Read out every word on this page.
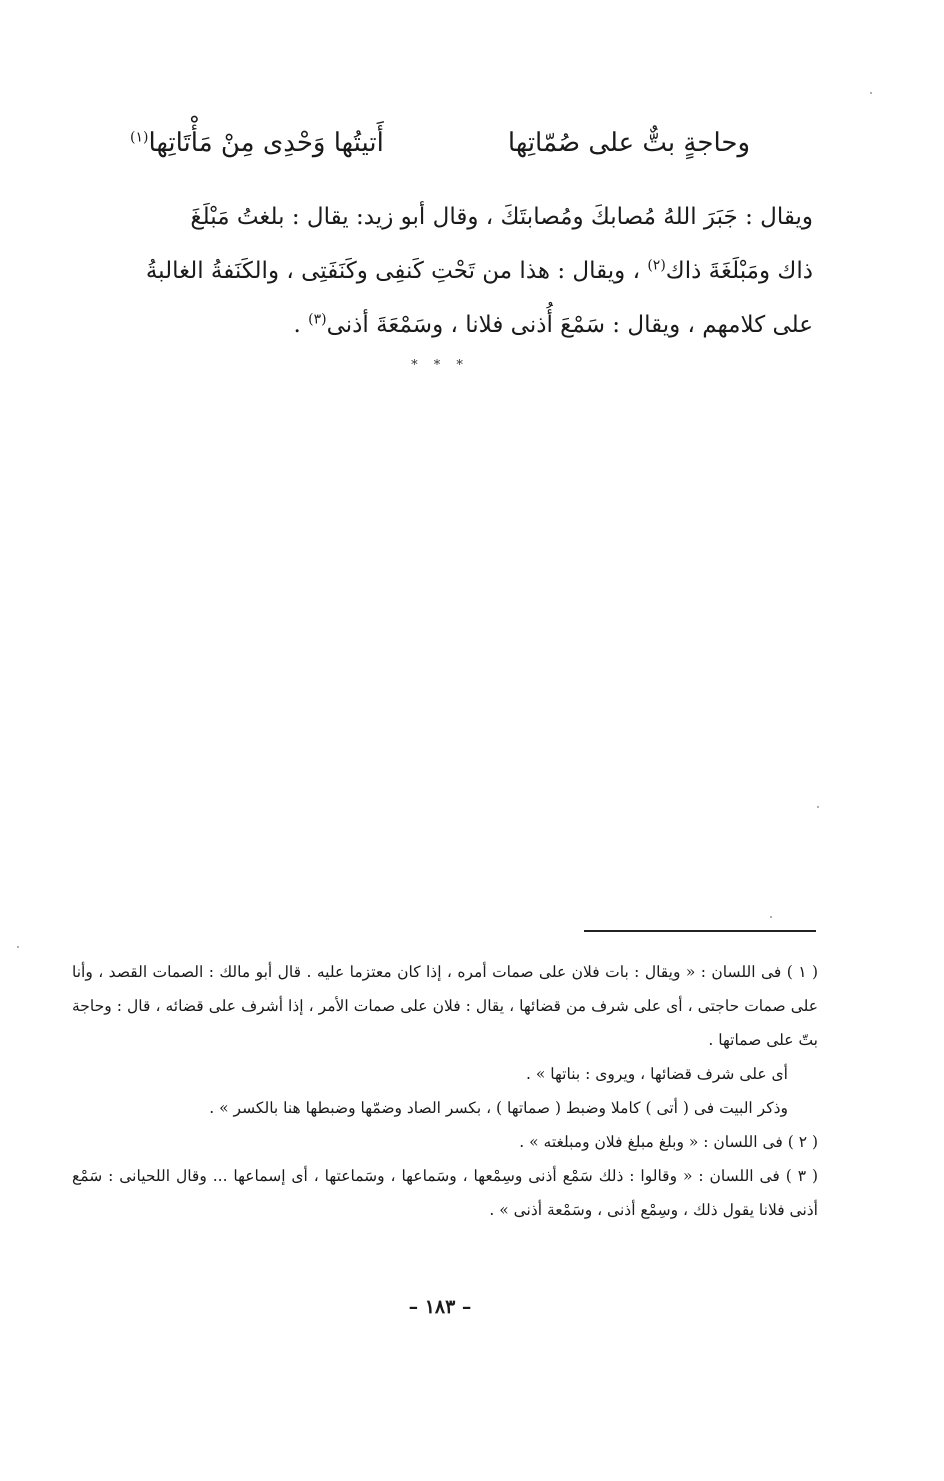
وحاجةٍ بتٌّ على صُمّاتِها
أَتيتُها وَحْدِى مِنْ مَأْتَاتِها$^{(١)}$

ويقال : جَبَرَ اللهُ مُصابكَ ومُصابتَكَ ، وقال أبو زيد: يقال : بلغتُ مَبْلَغَ

ذاك ومَبْلَغَةَ ذاك$^{(٢)}$ ، ويقال : هذا من تَحْتِ كَنفِى وكَنَفَتِى ، والكَنَفةُ الغالبةُ

على كلامهم ، ويقال : سَمْعَ أُذنى فلانا ، وسَمْعَةَ أذنى$^{(٣)}$ .

* * *

( ١ ) فى اللسان : « ويقال : بات فلان على صمات أمره ، إذا كان معتزما عليه . قال أبو مالك : الصمات القصد ، وأنا على صمات حاجتى ، أى على شرف من قضائها ، يقال : فلان على صمات الأمر ، إذا أشرف على قضائه ، قال : وحاجة بتّ على صماتها .

أى على شرف قضائها ، ويروى : بناتها » .

وذكر البيت فى ( أتى ) كاملا وضبط ( صماتها ) ، بكسر الصاد وضمّها وضبطها هنا بالكسر » .

( ٢ ) فى اللسان : « وبلغ مبلغ فلان ومبلغته » .

( ٣ ) فى اللسان : « وقالوا : ذلك سَمْع أذنى وسِمْعها ، وسَماعها ، وسَماعتها ، أى إسماعها ... وقال اللحيانى : سَمْع أذنى فلانا يقول ذلك ، وسِمْع أذنى ، وسَمْعة أذنى » .

– ١٨٣ –
